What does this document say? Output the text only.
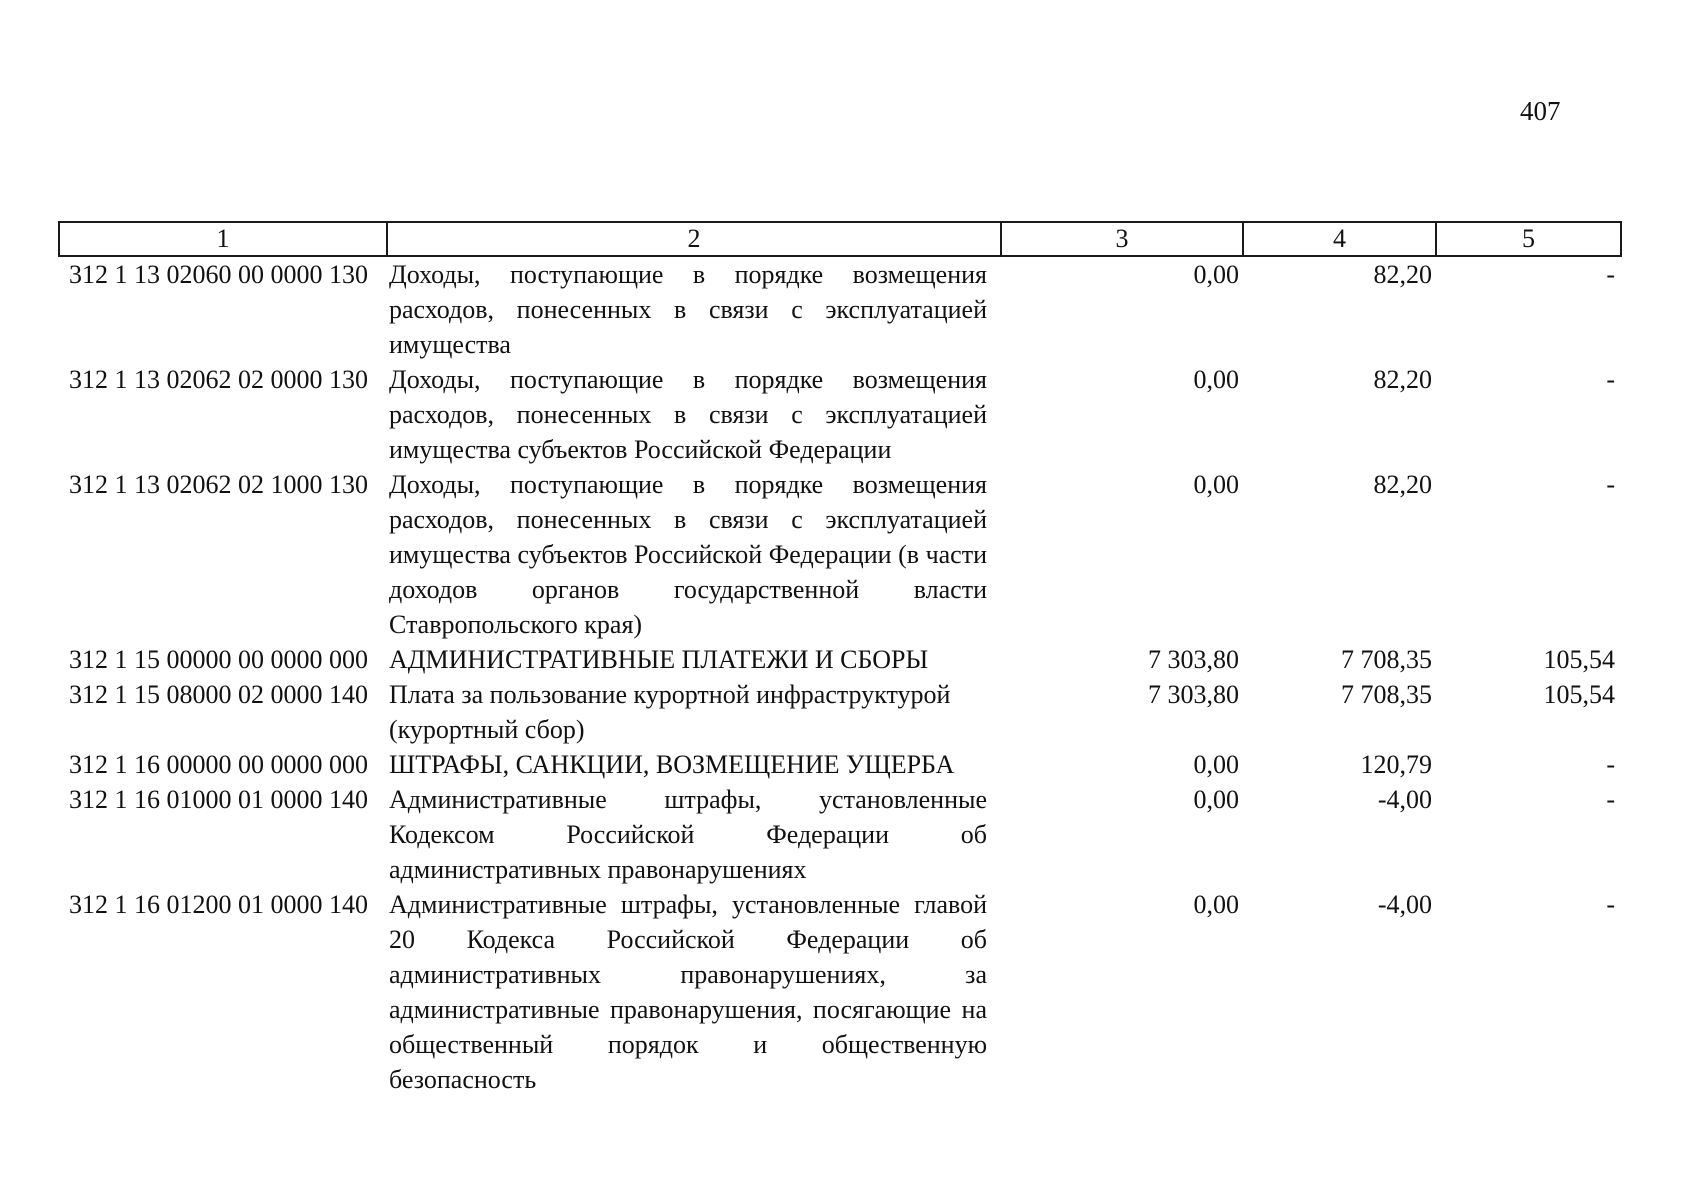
407
1	2	3	4	5
312 1 13 02060 00 0000 130	Доходы, поступающие в порядке возмещения расходов, понесенных в связи с эксплуатацией имущества	0,00	82,20	-
312 1 13 02062 02 0000 130	Доходы, поступающие в порядке возмещения расходов, понесенных в связи с эксплуатацией имущества субъектов Российской Федерации	0,00	82,20	-
312 1 13 02062 02 1000 130	Доходы, поступающие в порядке возмещения расходов, понесенных в связи с эксплуатацией имущества субъектов Российской Федерации (в части доходов органов государственной власти Ставропольского края)	0,00	82,20	-
312 1 15 00000 00 0000 000	АДМИНИСТРАТИВНЫЕ ПЛАТЕЖИ И СБОРЫ	7 303,80	7 708,35	105,54
312 1 15 08000 02 0000 140	Плата за пользование курортной инфраструктурой (курортный сбор)	7 303,80	7 708,35	105,54
312 1 16 00000 00 0000 000	ШТРАФЫ, САНКЦИИ, ВОЗМЕЩЕНИЕ УЩЕРБА	0,00	120,79	-
312 1 16 01000 01 0000 140	Административные штрафы, установленные Кодексом Российской Федерации об административных правонарушениях	0,00	-4,00	-
312 1 16 01200 01 0000 140	Административные штрафы, установленные главой 20 Кодекса Российской Федерации об административных правонарушениях, за административные правонарушения, посягающие на общественный порядок и общественную безопасность	0,00	-4,00	-
